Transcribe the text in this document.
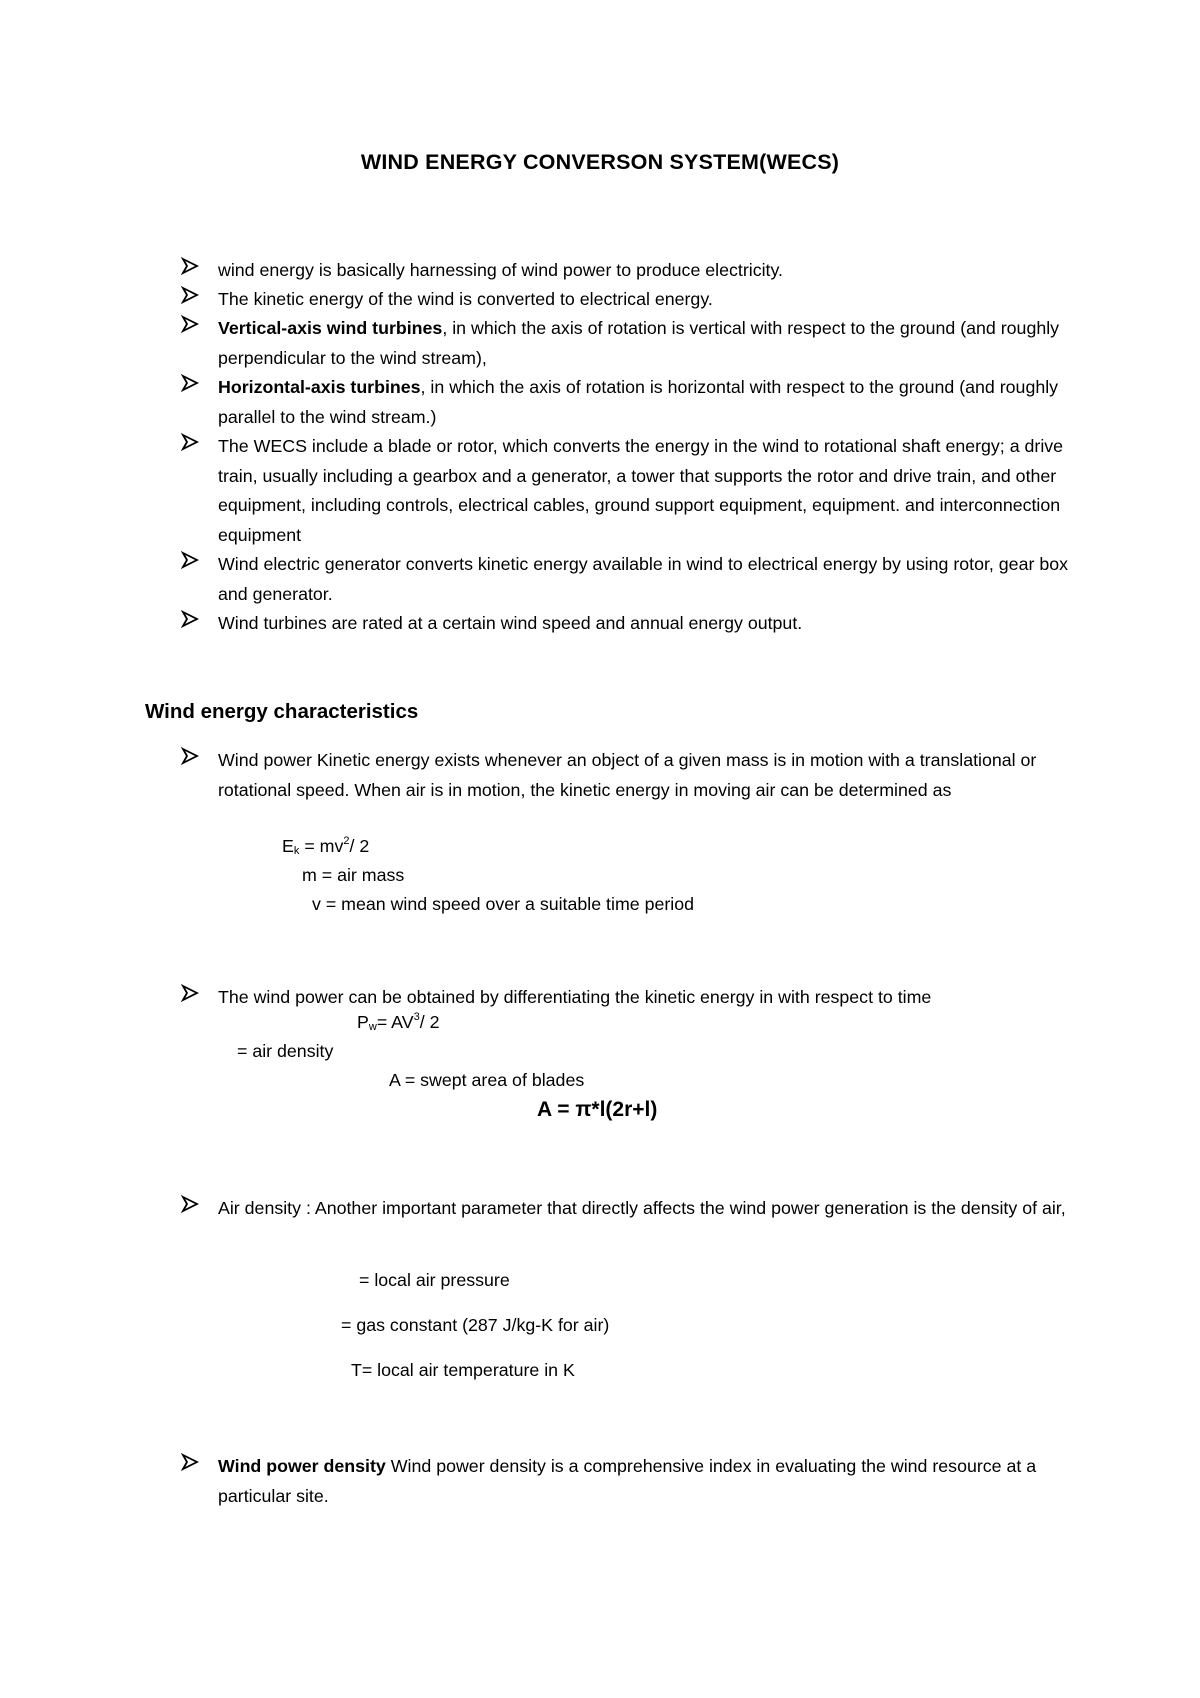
WIND ENERGY CONVERSON SYSTEM(WECS)
wind energy is basically harnessing of wind power to produce electricity.
The kinetic energy of the wind is converted to electrical energy.
Vertical-axis wind turbines, in which the axis of rotation is vertical with respect to the ground (and roughly perpendicular to the wind stream),
Horizontal-axis turbines, in which the axis of rotation is horizontal with respect to the ground (and roughly parallel to the wind stream.)
The WECS include a blade or rotor, which converts the energy in the wind to rotational shaft energy; a drive train, usually including a gearbox and a generator, a tower that supports the rotor and drive train, and other equipment, including controls, electrical cables, ground support equipment, equipment. and interconnection equipment
Wind electric generator converts kinetic energy available in wind to electrical energy by using rotor, gear box and generator.
Wind turbines are rated at a certain wind speed and annual energy output.
Wind energy characteristics
Wind power Kinetic energy exists whenever an object of a given mass is in motion with a translational or rotational speed. When air is in motion, the kinetic energy in moving air can be determined as
$E_k = mv^2/$ 2
m = air mass
v = mean wind speed over a suitable time period
The wind power can be obtained by differentiating the kinetic energy in with respect to time
$P_w= AV^3/$ 2
= air density
A = swept area of blades
A = π*l(2r+l)
Air density : Another important parameter that directly affects the wind power generation is the density of air,
= local air pressure
= gas constant (287 J/kg-K for air)
T= local air temperature in K
Wind power density Wind power density is a comprehensive index in evaluating the wind resource at a particular site.
